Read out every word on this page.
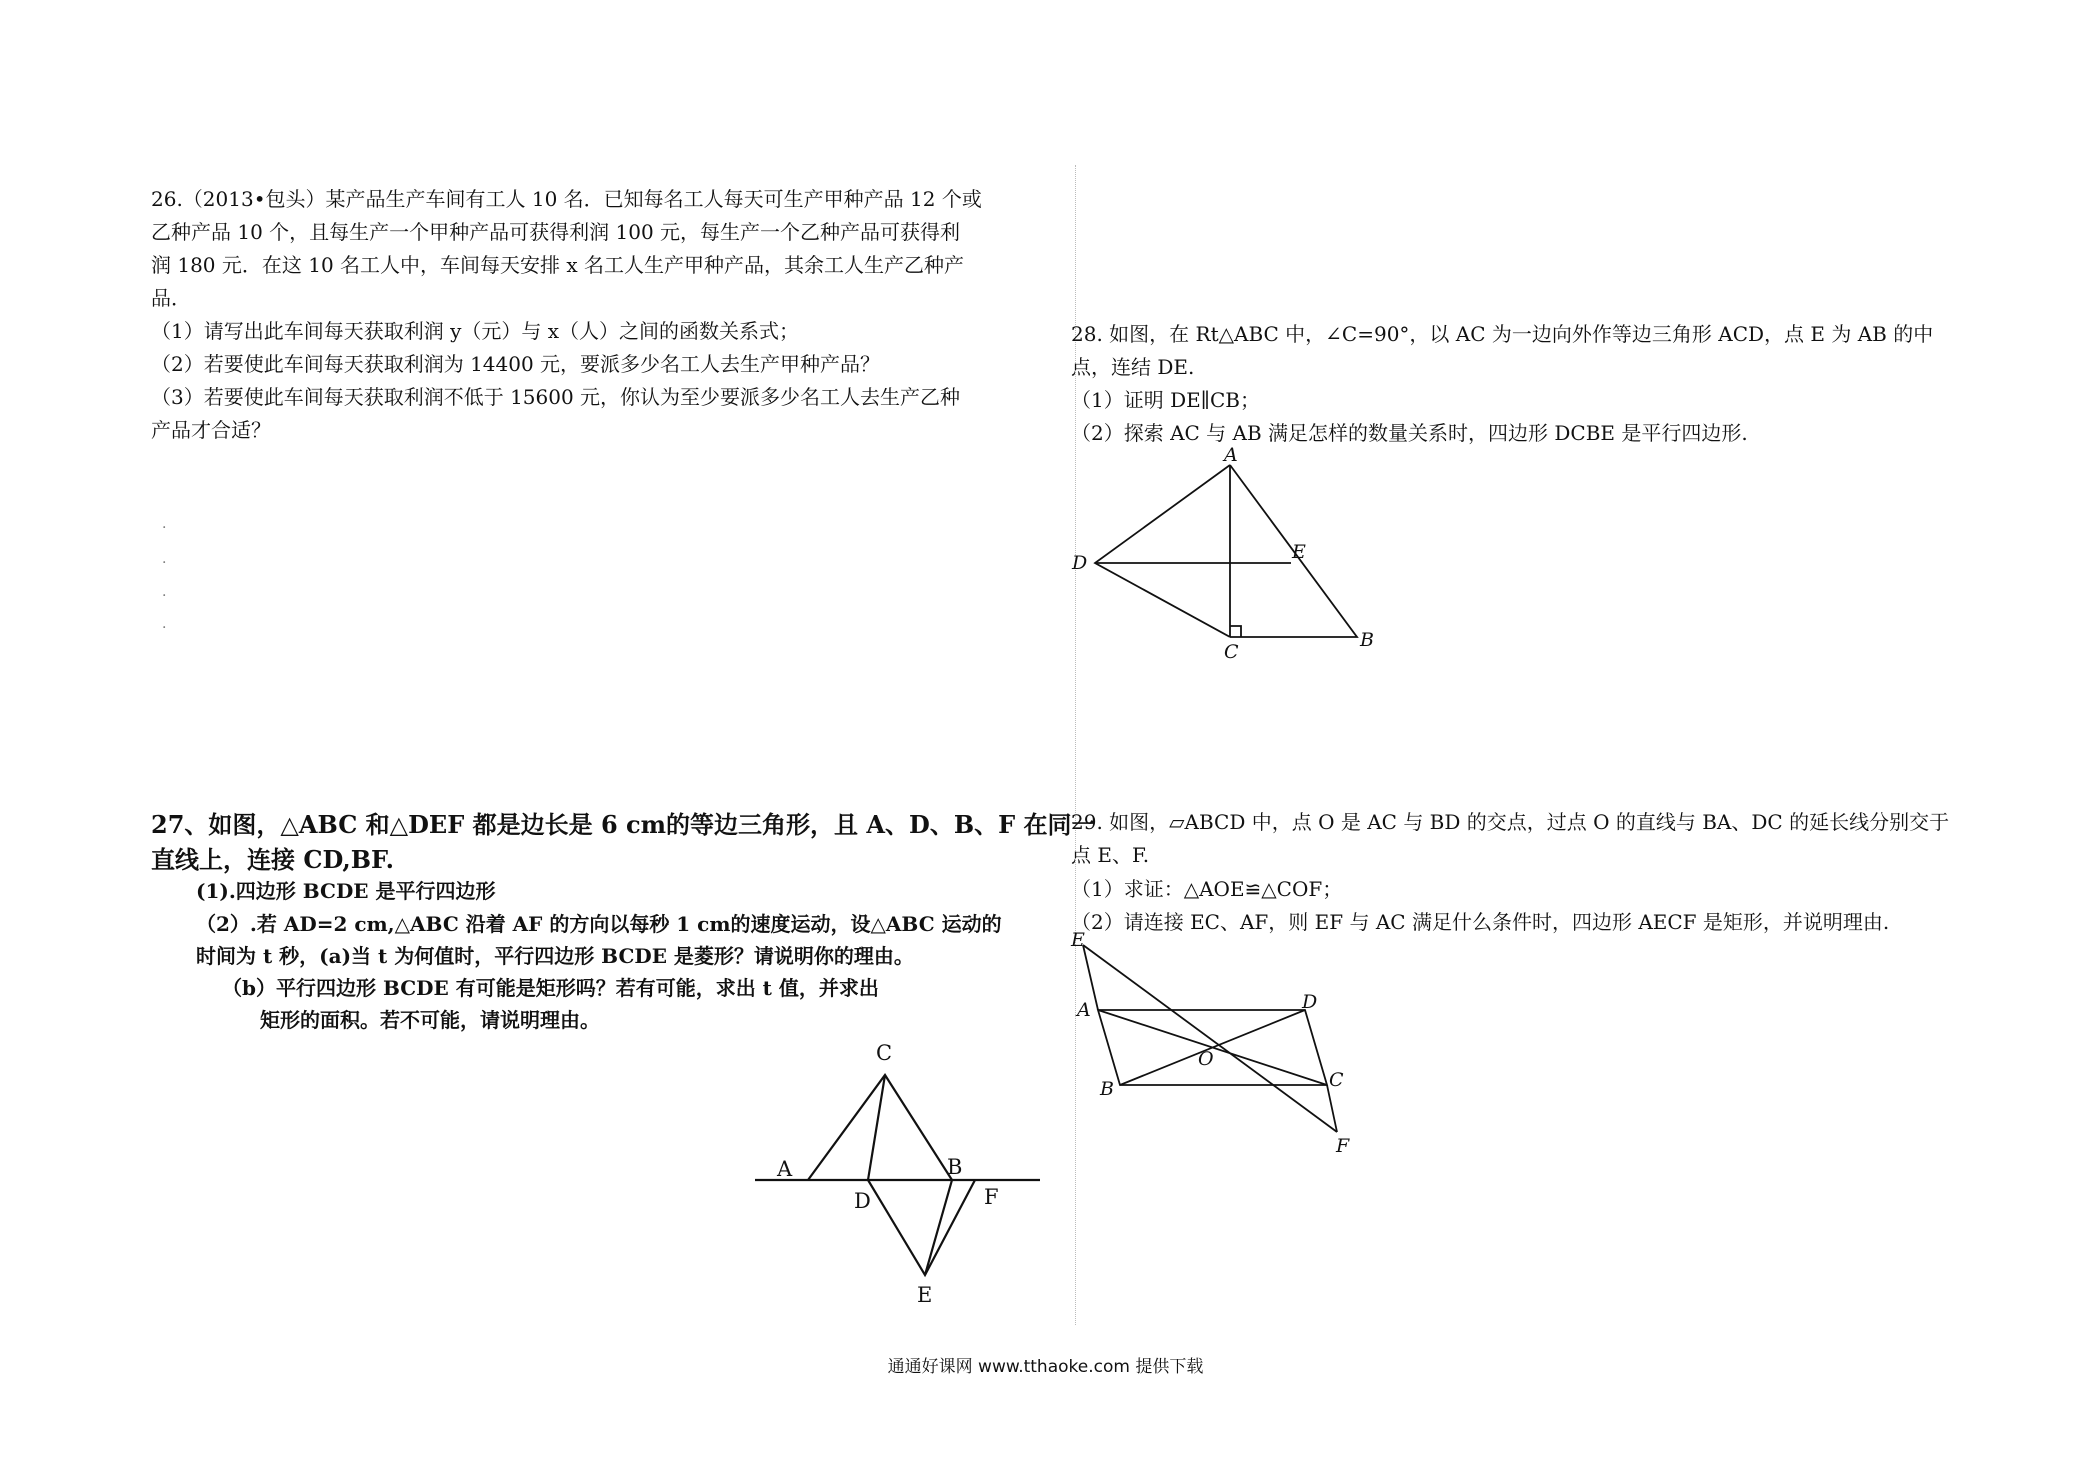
26.（2013•包头）某产品生产车间有工人 10 名．已知每名工人每天可生产甲种产品 12 个或
乙种产品 10 个，且每生产一个甲种产品可获得利润 100 元，每生产一个乙种产品可获得利
润 180 元．在这 10 名工人中，车间每天安排 x 名工人生产甲种产品，其余工人生产乙种产
品．
（1）请写出此车间每天获取利润 y（元）与 x（人）之间的函数关系式；
（2）若要使此车间每天获取利润为 14400 元，要派多少名工人去生产甲种产品？
（3）若要使此车间每天获取利润不低于 15600 元，你认为至少要派多少名工人去生产乙种
产品才合适？
·
·
·
·
27、如图，△ABC 和△DEF 都是边长是 6 cm的等边三角形，且 A、D、B、F 在同一
直线上，连接 CD,BF.
(1).四边形 BCDE 是平行四边形
（2）.若 AD=2 cm,△ABC 沿着 AF 的方向以每秒 1 cm的速度运动，设△ABC 运动的
时间为 t 秒，(a)当 t 为何值时，平行四边形 BCDE 是菱形？请说明你的理由。
（b）平行四边形 BCDE 有可能是矩形吗？若有可能，求出 t 值，并求出
矩形的面积。若不可能，请说明理由。
A
C
B
D	F
E
28. 如图，在 Rt△ABC 中，∠C=90°，以 AC 为一边向外作等边三角形 ACD，点 E 为 AB 的中
点，连结 DE.
（1）证明 DE∥CB；
（2）探索 AC 与 AB 满足怎样的数量关系时，四边形 DCBE 是平行四边形.
A
D	E
C
B
29. 如图，▱ABCD 中，点 O 是 AC 与 BD 的交点，过点 O 的直线与 BA、DC 的延长线分别交于
点 E、F.
（1）求证：△AOE≌△COF；
（2）请连接 EC、AF，则 EF 与 AC 满足什么条件时，四边形 AECF 是矩形，并说明理由.
E
A	D
O
B	C
F
通通好课网 www.tthaoke.com 提供下载
